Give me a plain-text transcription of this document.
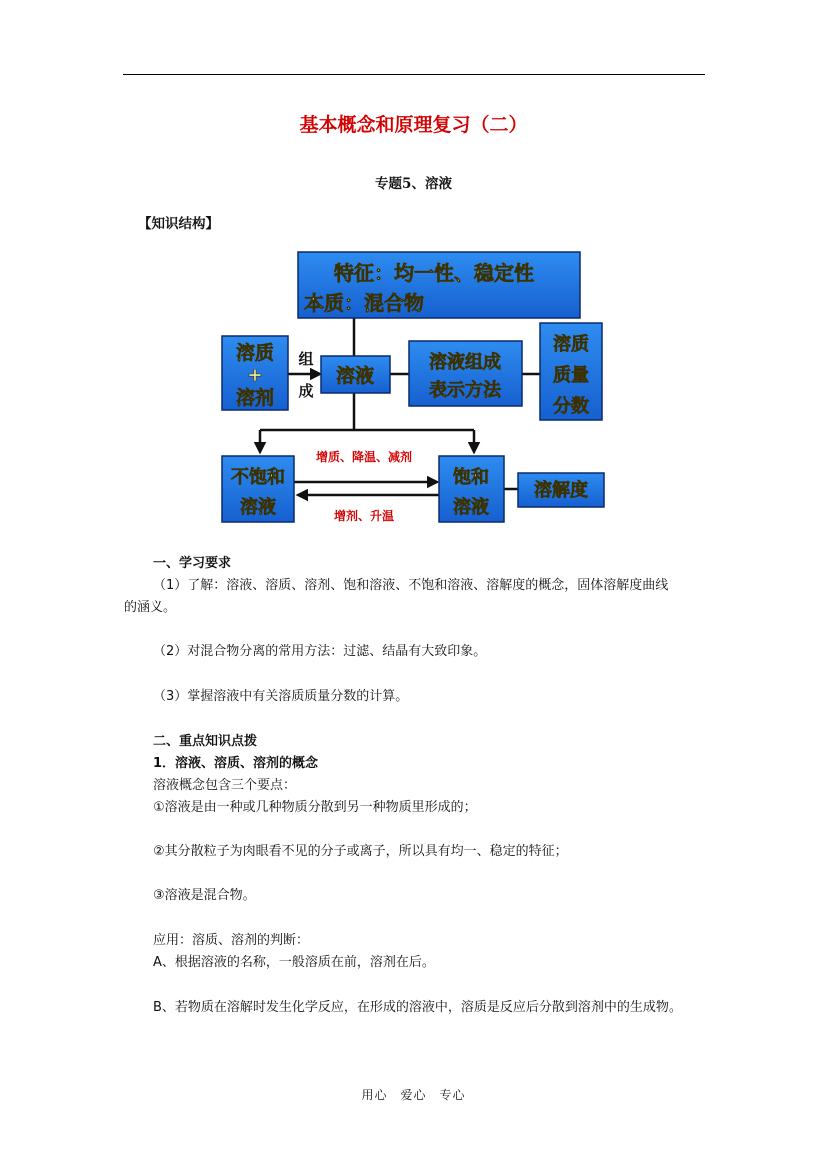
基本概念和原理复习（二）
专题5、溶液
【知识结构】
特征：均一性、稳定性
本质：混合物
溶质
+
溶剂
溶液
溶液组成
表示方法
溶质
质量
分数
不饱和
溶液
饱和
溶液
溶解度
组
成
增质、降温、减剂
增剂、升温
一、学习要求
（1）了解：溶液、溶质、溶剂、饱和溶液、不饱和溶液、溶解度的概念，固体溶解度曲线
的涵义。
（2）对混合物分离的常用方法：过滤、结晶有大致印象。
（3）掌握溶液中有关溶质质量分数的计算。
二、重点知识点拨
1．溶液、溶质、溶剂的概念
溶液概念包含三个要点：
①溶液是由一种或几种物质分散到另一种物质里形成的；
②其分散粒子为肉眼看不见的分子或离子，所以具有均一、稳定的特征；
③溶液是混合物。
应用：溶质、溶剂的判断：
A、根据溶液的名称，一般溶质在前，溶剂在后。
B、若物质在溶解时发生化学反应，在形成的溶液中，溶质是反应后分散到溶剂中的生成物。
用心　爱心　专心
